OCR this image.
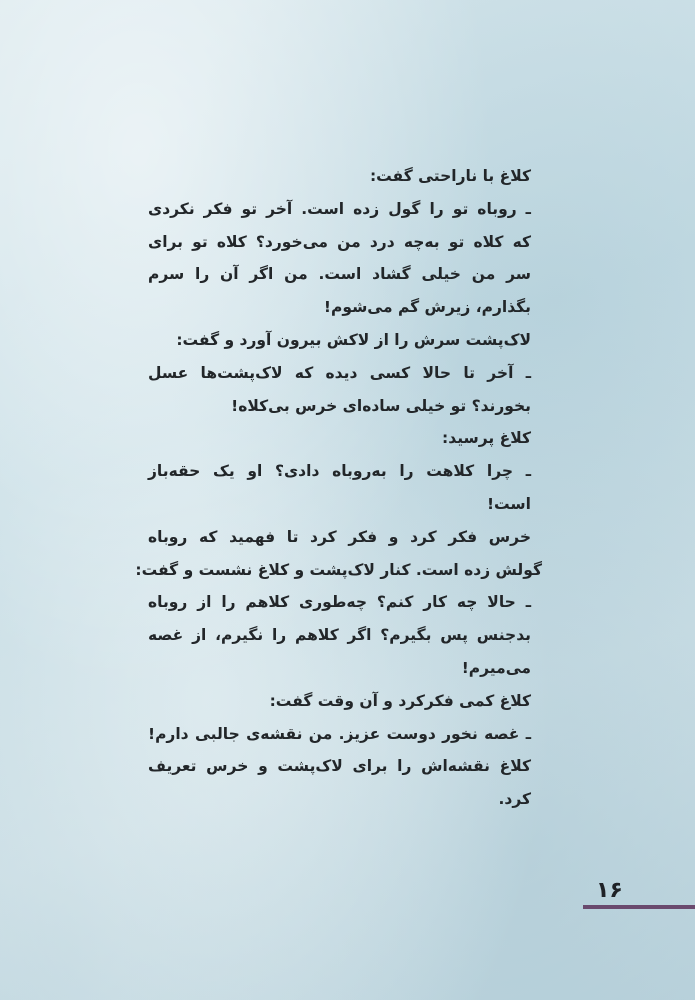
کلاغ با ناراحتی گفت:
ـ روباه تو را گول زده است. آخر تو فکر نکردی
که کلاه تو به‌چه درد من می‌خورد؟ کلاه تو برای
سر من خیلی گشاد است. من اگر آن را سرم
بگذارم، زیرش گم می‌شوم!
لاک‌پشت سرش را از لاکش بیرون آورد و گفت:
ـ آخر تا حالا کسی دیده که لاک‌پشت‌ها عسل
بخورند؟ تو خیلی ساده‌ای خرس بی‌کلاه!
کلاغ پرسید:
ـ چرا کلاهت را به‌روباه دادی؟ او یک حقه‌باز
است!
خرس فکر کرد و فکر کرد تا فهمید که روباه
گولش زده است. کنار لاک‌پشت و کلاغ نشست و گفت:
ـ حالا چه کار کنم؟ چه‌طوری کلاهم را از روباه
بدجنس پس بگیرم؟ اگر کلاهم را نگیرم، از غصه
می‌میرم!
کلاغ کمی فکرکرد و آن وقت گفت:
ـ غصه نخور دوست عزیز. من نقشه‌ی جالبی دارم!
کلاغ نقشه‌اش را برای لاک‌پشت و خرس تعریف
کرد.
۱۶
